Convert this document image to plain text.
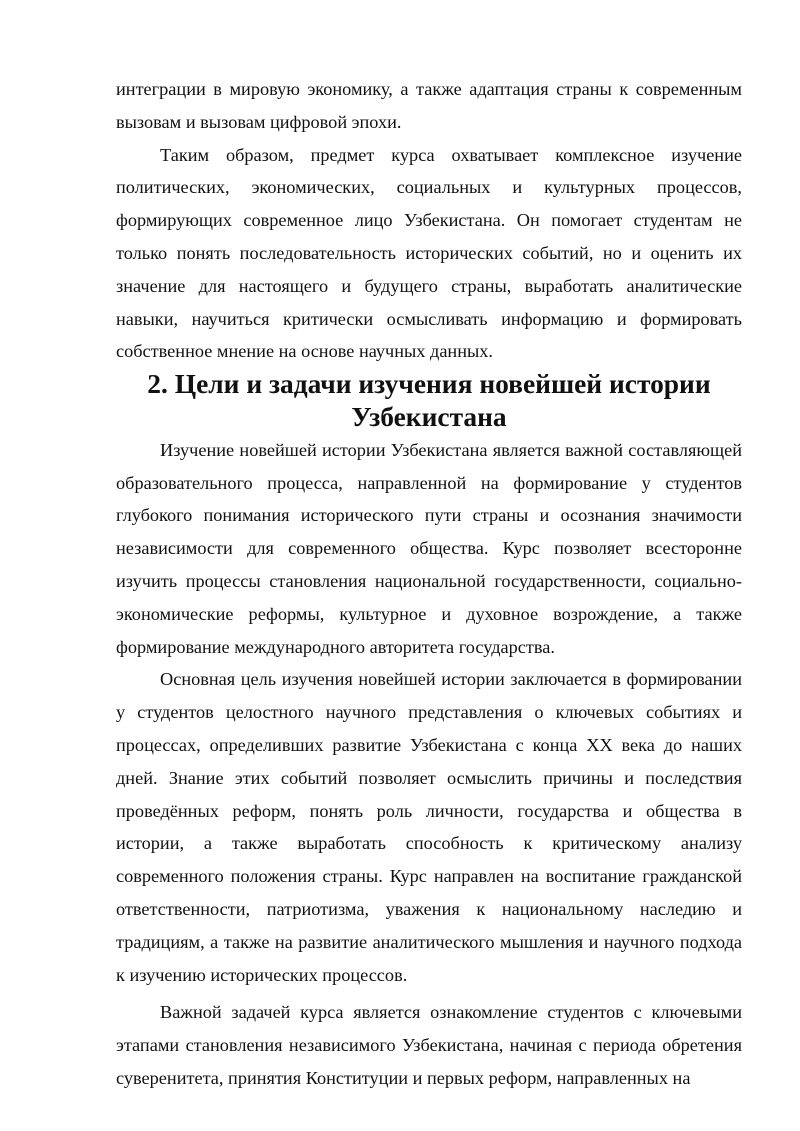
интеграции в мировую экономику, а также адаптация страны к современным вызовам и вызовам цифровой эпохи.

Таким образом, предмет курса охватывает комплексное изучение политических, экономических, социальных и культурных процессов, формирующих современное лицо Узбекистана. Он помогает студентам не только понять последовательность исторических событий, но и оценить их значение для настоящего и будущего страны, выработать аналитические навыки, научиться критически осмысливать информацию и формировать собственное мнение на основе научных данных.

2. Цели и задачи изучения новейшей истории Узбекистана

Изучение новейшей истории Узбекистана является важной составляющей образовательного процесса, направленной на формирование у студентов глубокого понимания исторического пути страны и осознания значимости независимости для современного общества. Курс позволяет всесторонне изучить процессы становления национальной государственности, социально-экономические реформы, культурное и духовное возрождение, а также формирование международного авторитета государства.

Основная цель изучения новейшей истории заключается в формировании у студентов целостного научного представления о ключевых событиях и процессах, определивших развитие Узбекистана с конца XX века до наших дней. Знание этих событий позволяет осмыслить причины и последствия проведённых реформ, понять роль личности, государства и общества в истории, а также выработать способность к критическому анализу современного положения страны. Курс направлен на воспитание гражданской ответственности, патриотизма, уважения к национальному наследию и традициям, а также на развитие аналитического мышления и научного подхода к изучению исторических процессов.

Важной задачей курса является ознакомление студентов с ключевыми этапами становления независимого Узбекистана, начиная с периода обретения суверенитета, принятия Конституции и первых реформ, направленных на
